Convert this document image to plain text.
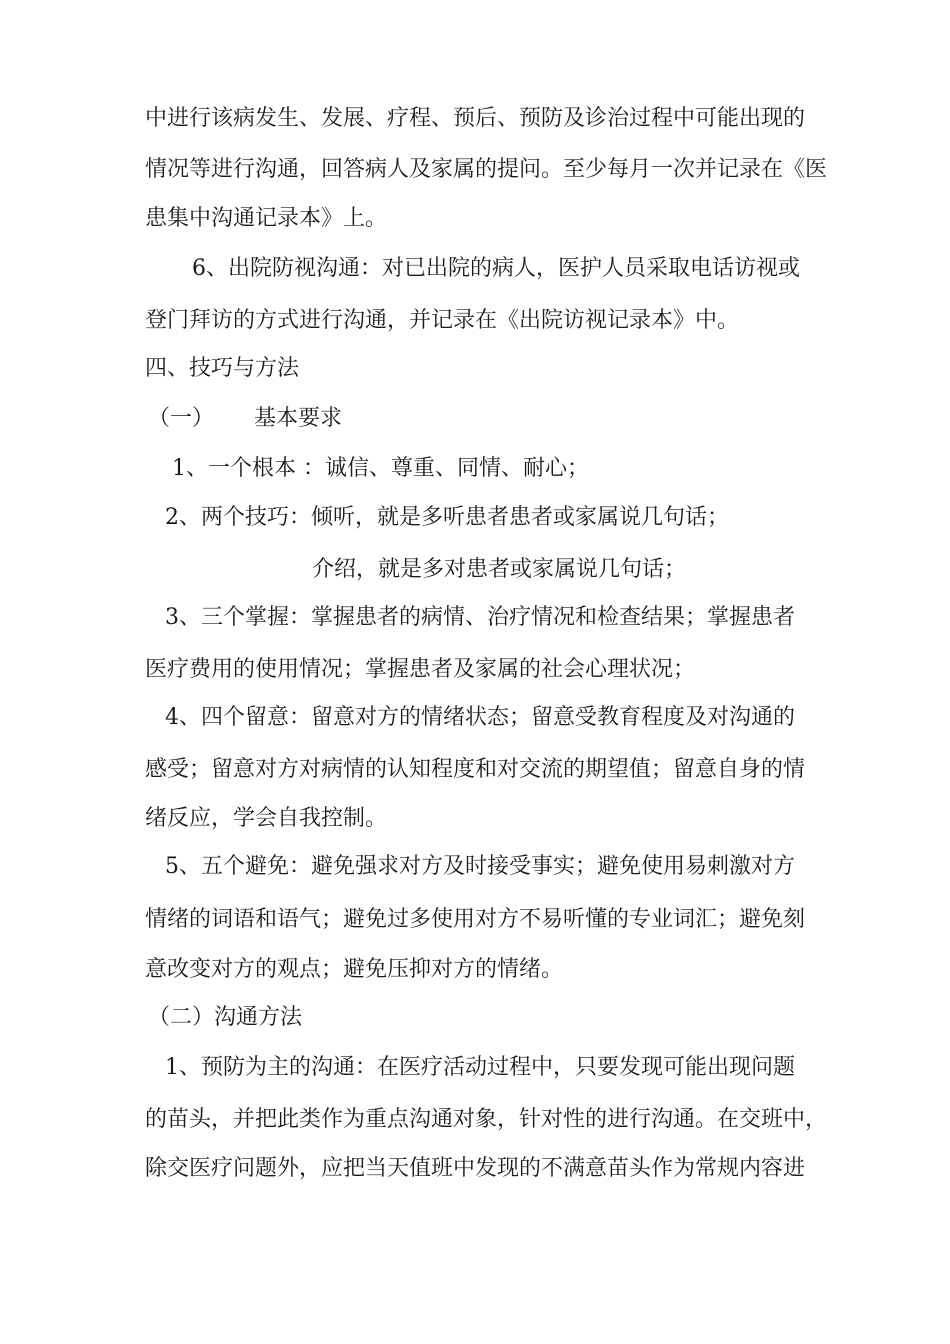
中进行该病发生、发展、疗程、预后、预防及诊治过程中可能出现的
情况等进行沟通，回答病人及家属的提问。至少每月一次并记录在《医
患集中沟通记录本》上。
6、出院防视沟通：对已出院的病人，医护人员采取电话访视或
登门拜访的方式进行沟通，并记录在《出院访视记录本》中。
四、技巧与方法
（一） 基本要求
1、一个根本 ：诚信、尊重、同情、耐心；
2、两个技巧：倾听，就是多听患者患者或家属说几句话；
介绍，就是多对患者或家属说几句话；
3、三个掌握：掌握患者的病情、治疗情况和检查结果；掌握患者
医疗费用的使用情况；掌握患者及家属的社会心理状况；
4、四个留意：留意对方的情绪状态；留意受教育程度及对沟通的
感受；留意对方对病情的认知程度和对交流的期望值；留意自身的情
绪反应，学会自我控制。
5、五个避免：避免强求对方及时接受事实；避免使用易刺激对方
情绪的词语和语气；避免过多使用对方不易听懂的专业词汇；避免刻
意改变对方的观点；避免压抑对方的情绪。
（二）沟通方法
1、预防为主的沟通：在医疗活动过程中，只要发现可能出现问题
的苗头，并把此类作为重点沟通对象，针对性的进行沟通。在交班中，
除交医疗问题外，应把当天值班中发现的不满意苗头作为常规内容进
